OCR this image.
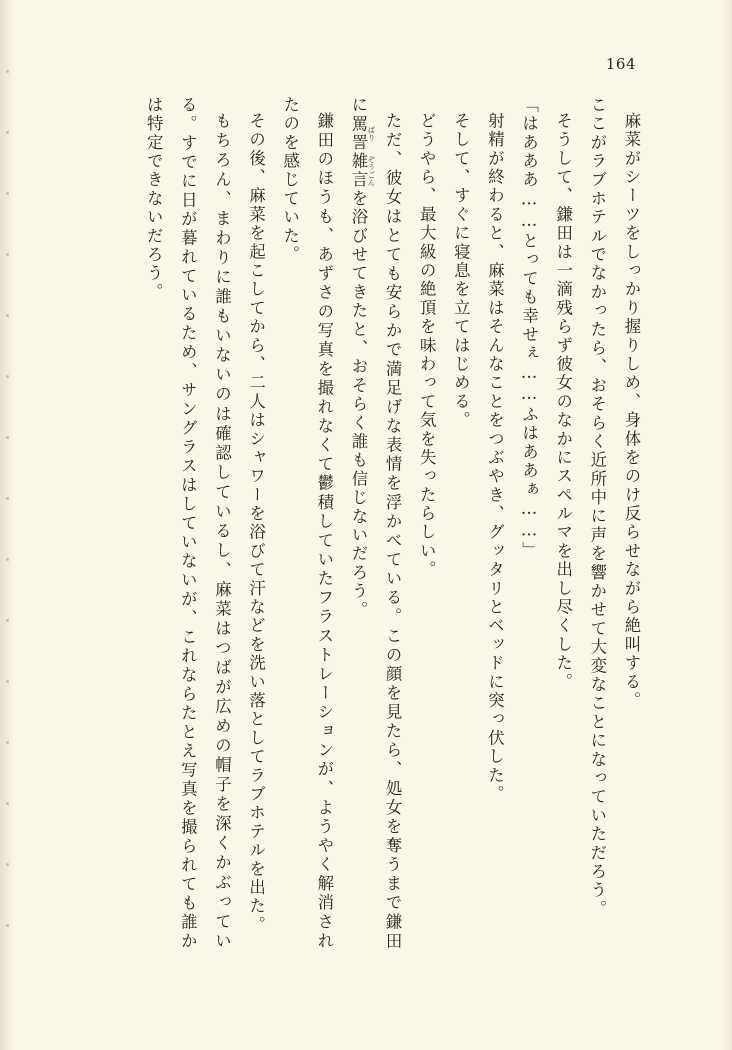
164

麻菜がシーツをしっかり握りしめ、身体をのけ反らせながら絶叫する。

ここがラブホテルでなかったら、おそらく近所中に声を響かせて大変なことになっていただろう。

そうして、鎌田は一滴残らず彼女のなかにスペルマを出し尽くした。

「はあああ……とっても幸せぇ……ふはああぁ……」

射精が終わると、麻菜はそんなことをつぶやき、グッタリとベッドに突っ伏した。

そして、すぐに寝息を立てはじめる。

どうやら、最大級の絶頂を味わって気を失ったらしい。

ただ、彼女はとても安らかで満足げな表情を浮かべている。この顔を見たら、処女を奪うまで鎌田に罵詈 ばり雑言 ぞうごんを浴びせてきたと、おそらく誰も信じないだろう。

鎌田のほうも、あずさの写真を撮れなくて鬱積していたフラストレーションが、ようやく解消されたのを感じていた。

その後、麻菜を起こしてから、二人はシャワーを浴びて汗などを洗い落としてラブホテルを出た。

もちろん、まわりに誰もいないのは確認しているし、麻菜はつばが広めの帽子を深くかぶっている。すでに日が暮れているため、サングラスはしていないが、これならたとえ写真を撮られても誰かは特定できないだろう。
